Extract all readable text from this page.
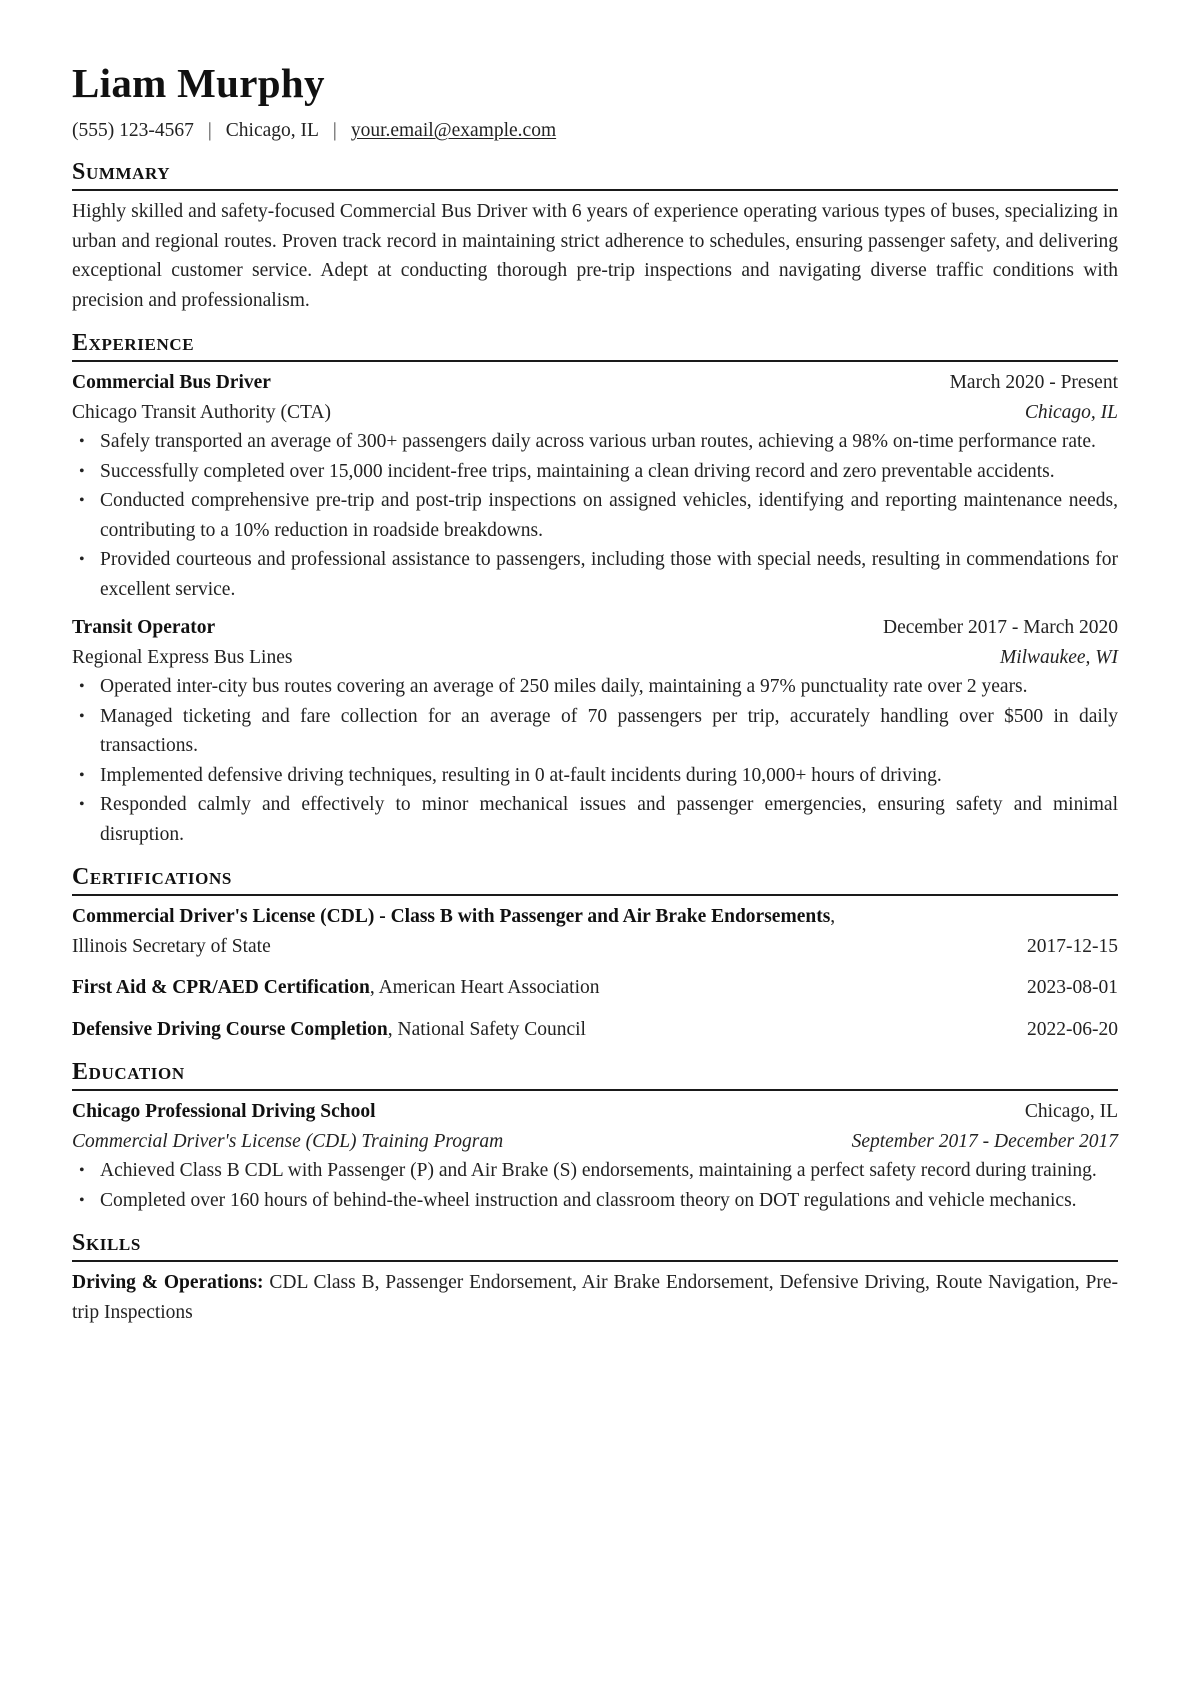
Liam Murphy
(555) 123-4567 | Chicago, IL | your.email@example.com
Summary
Highly skilled and safety-focused Commercial Bus Driver with 6 years of experience operating various types of buses, specializing in urban and regional routes. Proven track record in maintaining strict adherence to schedules, ensuring passenger safety, and delivering exceptional customer service. Adept at conducting thorough pre-trip inspections and navigating diverse traffic conditions with precision and professionalism.
Experience
Commercial Bus Driver	March 2020 - Present
Chicago Transit Authority (CTA)	Chicago, IL
• Safely transported an average of 300+ passengers daily across various urban routes, achieving a 98% on-time performance rate.
• Successfully completed over 15,000 incident-free trips, maintaining a clean driving record and zero preventable accidents.
• Conducted comprehensive pre-trip and post-trip inspections on assigned vehicles, identifying and reporting maintenance needs, contributing to a 10% reduction in roadside breakdowns.
• Provided courteous and professional assistance to passengers, including those with special needs, resulting in commendations for excellent service.
Transit Operator	December 2017 - March 2020
Regional Express Bus Lines	Milwaukee, WI
• Operated inter-city bus routes covering an average of 250 miles daily, maintaining a 97% punctuality rate over 2 years.
• Managed ticketing and fare collection for an average of 70 passengers per trip, accurately handling over $500 in daily transactions.
• Implemented defensive driving techniques, resulting in 0 at-fault incidents during 10,000+ hours of driving.
• Responded calmly and effectively to minor mechanical issues and passenger emergencies, ensuring safety and minimal disruption.
Certifications
Commercial Driver's License (CDL) - Class B with Passenger and Air Brake Endorsements,
Illinois Secretary of State	2017-12-15
First Aid & CPR/AED Certification, American Heart Association	2023-08-01
Defensive Driving Course Completion, National Safety Council	2022-06-20
Education
Chicago Professional Driving School	Chicago, IL
Commercial Driver's License (CDL) Training Program	September 2017 - December 2017
• Achieved Class B CDL with Passenger (P) and Air Brake (S) endorsements, maintaining a perfect safety record during training.
• Completed over 160 hours of behind-the-wheel instruction and classroom theory on DOT regulations and vehicle mechanics.
Skills
Driving & Operations: CDL Class B, Passenger Endorsement, Air Brake Endorsement, Defensive Driving, Route Navigation, Pre-trip Inspections
